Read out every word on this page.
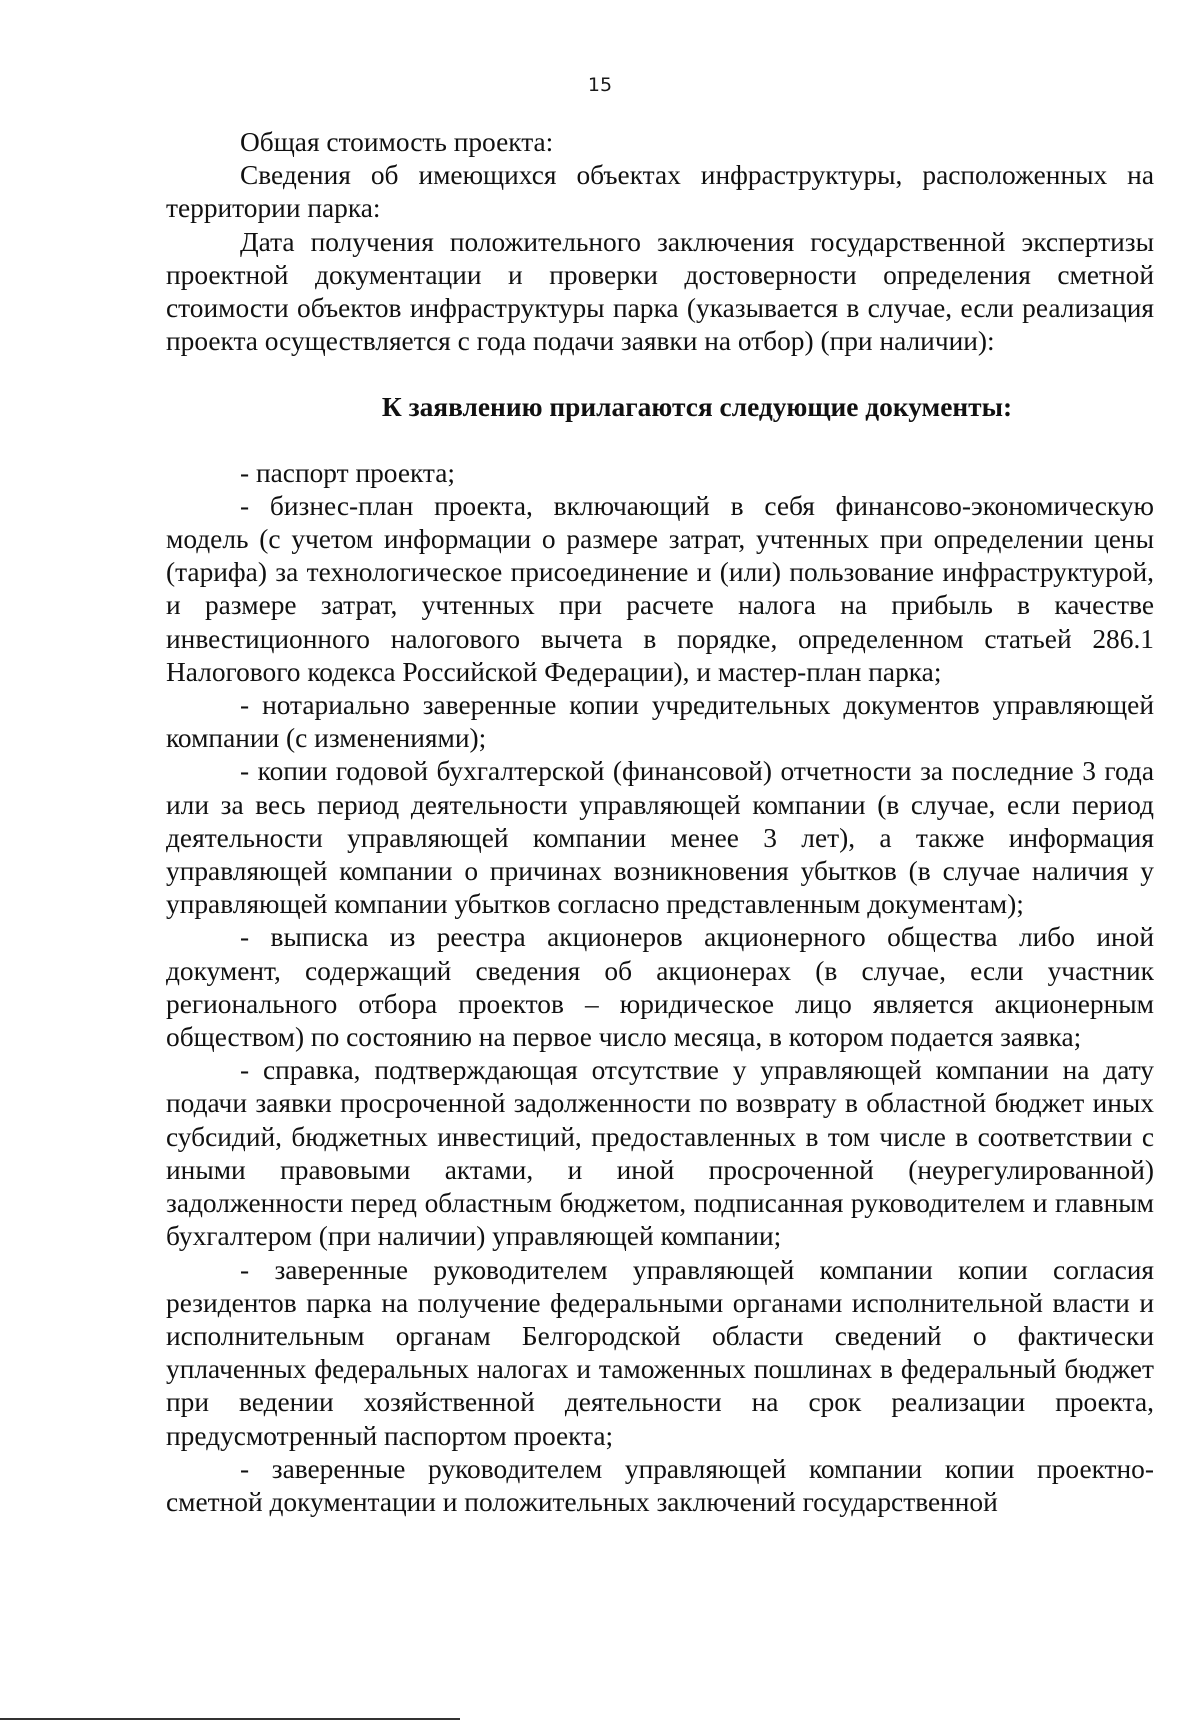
15

Общая стоимость проекта:

Сведения об имеющихся объектах инфраструктуры, расположенных на территории парка:

Дата получения положительного заключения государственной экспертизы проектной документации и проверки достоверности определения сметной стоимости объектов инфраструктуры парка (указывается в случае, если реализация проекта осуществляется с года подачи заявки на отбор) (при наличии):

К заявлению прилагаются следующие документы:

- паспорт проекта;

- бизнес-план проекта, включающий в себя финансово-экономическую модель (с учетом информации о размере затрат, учтенных при определении цены (тарифа) за технологическое присоединение и (или) пользование инфраструктурой, и размере затрат, учтенных при расчете налога на прибыль в качестве инвестиционного налогового вычета в порядке, определенном статьей 286.1 Налогового кодекса Российской Федерации), и мастер-план парка;

- нотариально заверенные копии учредительных документов управляющей компании (с изменениями);

- копии годовой бухгалтерской (финансовой) отчетности за последние 3 года или за весь период деятельности управляющей компании (в случае, если период деятельности управляющей компании менее 3 лет), а также информация управляющей компании о причинах возникновения убытков (в случае наличия у управляющей компании убытков согласно представленным документам);

- выписка из реестра акционеров акционерного общества либо иной документ, содержащий сведения об акционерах (в случае, если участник регионального отбора проектов – юридическое лицо является акционерным обществом) по состоянию на первое число месяца, в котором подается заявка;

- справка, подтверждающая отсутствие у управляющей компании на дату подачи заявки просроченной задолженности по возврату в областной бюджет иных субсидий, бюджетных инвестиций, предоставленных в том числе в соответствии с иными правовыми актами, и иной просроченной (неурегулированной) задолженности перед областным бюджетом, подписанная руководителем и главным бухгалтером (при наличии) управляющей компании;

- заверенные руководителем управляющей компании копии согласия резидентов парка на получение федеральными органами исполнительной власти и исполнительным органам Белгородской области сведений о фактически уплаченных федеральных налогах и таможенных пошлинах в федеральный бюджет при ведении хозяйственной деятельности на срок реализации проекта, предусмотренный паспортом проекта;

- заверенные руководителем управляющей компании копии проектно-сметной документации и положительных заключений государственной
